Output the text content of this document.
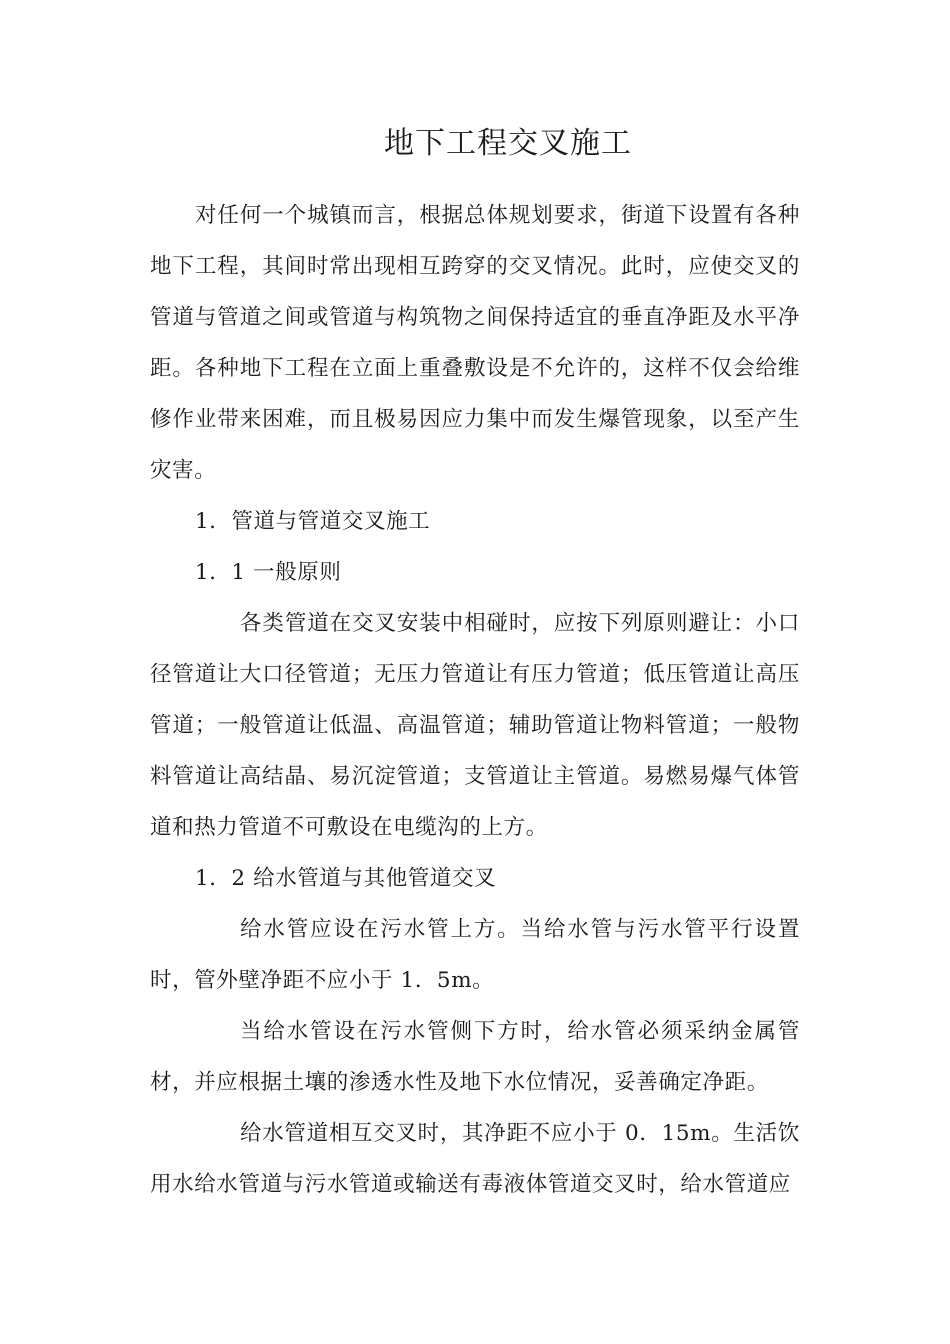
地下工程交叉施工

对任何一个城镇而言，根据总体规划要求，街道下设置有各种地下工程，其间时常出现相互跨穿的交叉情况。此时，应使交叉的管道与管道之间或管道与构筑物之间保持适宜的垂直净距及水平净距。各种地下工程在立面上重叠敷设是不允许的，这样不仅会给维修作业带来困难，而且极易因应力集中而发生爆管现象，以至产生灾害。

1．管道与管道交叉施工

1．1 一般原则

各类管道在交叉安装中相碰时，应按下列原则避让：小口径管道让大口径管道；无压力管道让有压力管道；低压管道让高压管道；一般管道让低温、高温管道；辅助管道让物料管道；一般物料管道让高结晶、易沉淀管道；支管道让主管道。易燃易爆气体管道和热力管道不可敷设在电缆沟的上方。

1．2 给水管道与其他管道交叉

给水管应设在污水管上方。当给水管与污水管平行设置时，管外壁净距不应小于 1．5m。

当给水管设在污水管侧下方时，给水管必须采纳金属管材，并应根据土壤的渗透水性及地下水位情况，妥善确定净距。

给水管道相互交叉时，其净距不应小于 0．15m。生活饮用水给水管道与污水管道或输送有毒液体管道交叉时，给水管道应
